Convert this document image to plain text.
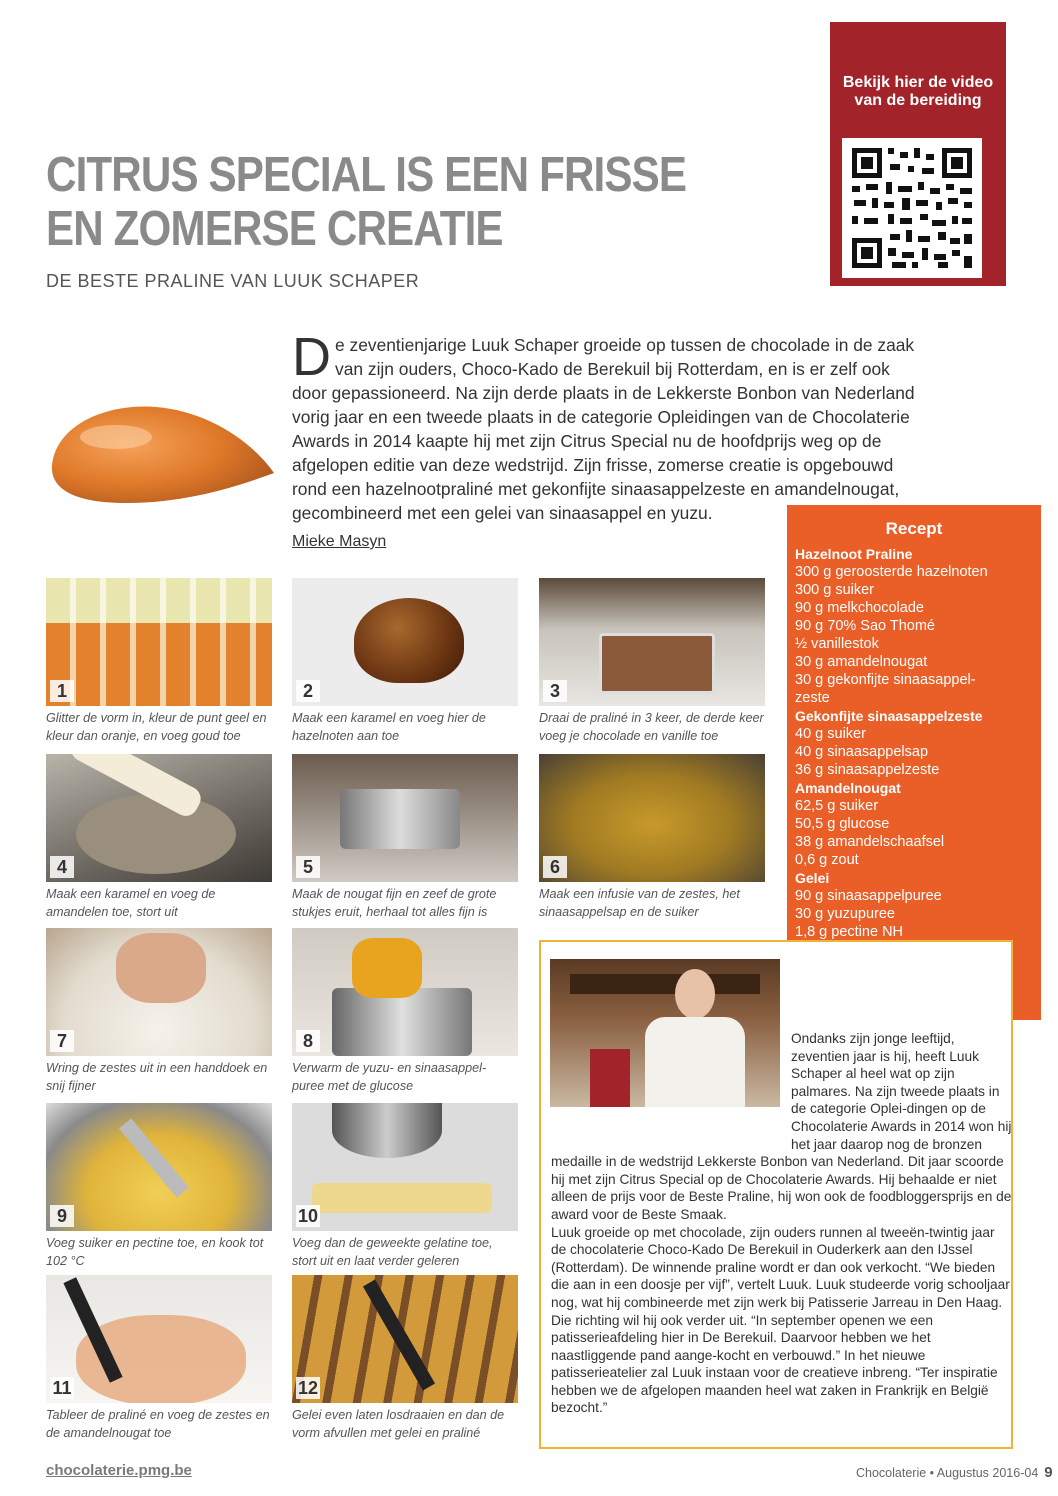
CITRUS SPECIAL IS EEN FRISSE
EN ZOMERSE CREATIE
DE BESTE PRALINE VAN LUUK SCHAPER
Bekijk hier de video van de bereiding
De zeventienjarige Luuk Schaper groeide op tussen de chocolade in de zaak van zijn ouders, Choco-Kado de Berekuil bij Rotterdam, en is er zelf ook door gepassioneerd. Na zijn derde plaats in de Lekkerste Bonbon van Nederland vorig jaar en een tweede plaats in de categorie Opleidingen van de Chocolaterie Awards in 2014 kaapte hij met zijn Citrus Special nu de hoofdprijs weg op de afgelopen editie van deze wedstrijd. Zijn frisse, zomerse creatie is opgebouwd rond een hazelnootpraliné met gekonfijte sinaasappelzeste en amandelnougat, gecombineerd met een gelei van sinaasappel en yuzu.
Mieke Masyn
1
Glitter de vorm in, kleur de punt geel en kleur dan oranje, en voeg goud toe
2
Maak een karamel en voeg hier de hazelnoten aan toe
3
Draai de praliné in 3 keer, de derde keer voeg je chocolade en vanille toe
4
Maak een karamel en voeg de amandelen toe, stort uit
5
Maak de nougat fijn en zeef de grote stukjes eruit, herhaal tot alles fijn is
6
Maak een infusie van de zestes, het sinaasappelsap en de suiker
7
Wring de zestes uit in een handdoek en snij fijner
8
Verwarm de yuzu- en sinaasappel-puree met de glucose
9
Voeg suiker en pectine toe, en kook tot 102 °C
10
Voeg dan de geweekte gelatine toe, stort uit en laat verder geleren
11
Tableer de praliné en voeg de zestes en de amandelnougat toe
12
Gelei even laten losdraaien en dan de vorm afvullen met gelei en praliné
Recept
Hazelnoot Praline
300 g geroosterde hazelnoten
300 g suiker
90 g melkchocolade
90 g 70% Sao Thomé
½ vanillestok
30 g amandelnougat
30 g gekonfijte sinaasappel-
zeste
Gekonfijte sinaasappelzeste
40 g suiker
40 g sinaasappelsap
36 g sinaasappelzeste
Amandelnougat
62,5 g suiker
50,5 g glucose
38 g amandelschaafsel
0,6 g zout
Gelei
90 g sinaasappelpuree
30 g yuzupuree
1,8 g pectine NH
Ondanks zijn jonge leeftijd, zeventien jaar is hij, heeft Luuk Schaper al heel wat op zijn palmares. Na zijn tweede plaats in de categorie Oplei-dingen op de Chocolaterie Awards in 2014 won hij het jaar daarop nog de bronzen medaille in de wedstrijd Lekkerste Bonbon van Nederland. Dit jaar scoorde hij met zijn Citrus Special op de Chocolaterie Awards. Hij behaalde er niet alleen de prijs voor de Beste Praline, hij won ook de foodbloggersprijs en de award voor de Beste Smaak.
Luuk groeide op met chocolade, zijn ouders runnen al tweeën-twintig jaar de chocolaterie Choco-Kado De Berekuil in Ouderkerk aan den IJssel (Rotterdam). De winnende praline wordt er dan ook verkocht. “We bieden die aan in een doosje per vijf”, vertelt Luuk. Luuk studeerde vorig schooljaar nog, wat hij combineerde met zijn werk bij Patisserie Jarreau in Den Haag. Die richting wil hij ook verder uit. “In september openen we een patisserieafdeling hier in De Berekuil. Daarvoor hebben we het naastliggende pand aange-kocht en verbouwd.” In het nieuwe patisserieatelier zal Luuk instaan voor de creatieve inbreng. “Ter inspiratie hebben we de afgelopen maanden heel wat zaken in Frankrijk en België bezocht.”
chocolaterie.pmg.be	Chocolaterie • Augustus 2016-04 9
